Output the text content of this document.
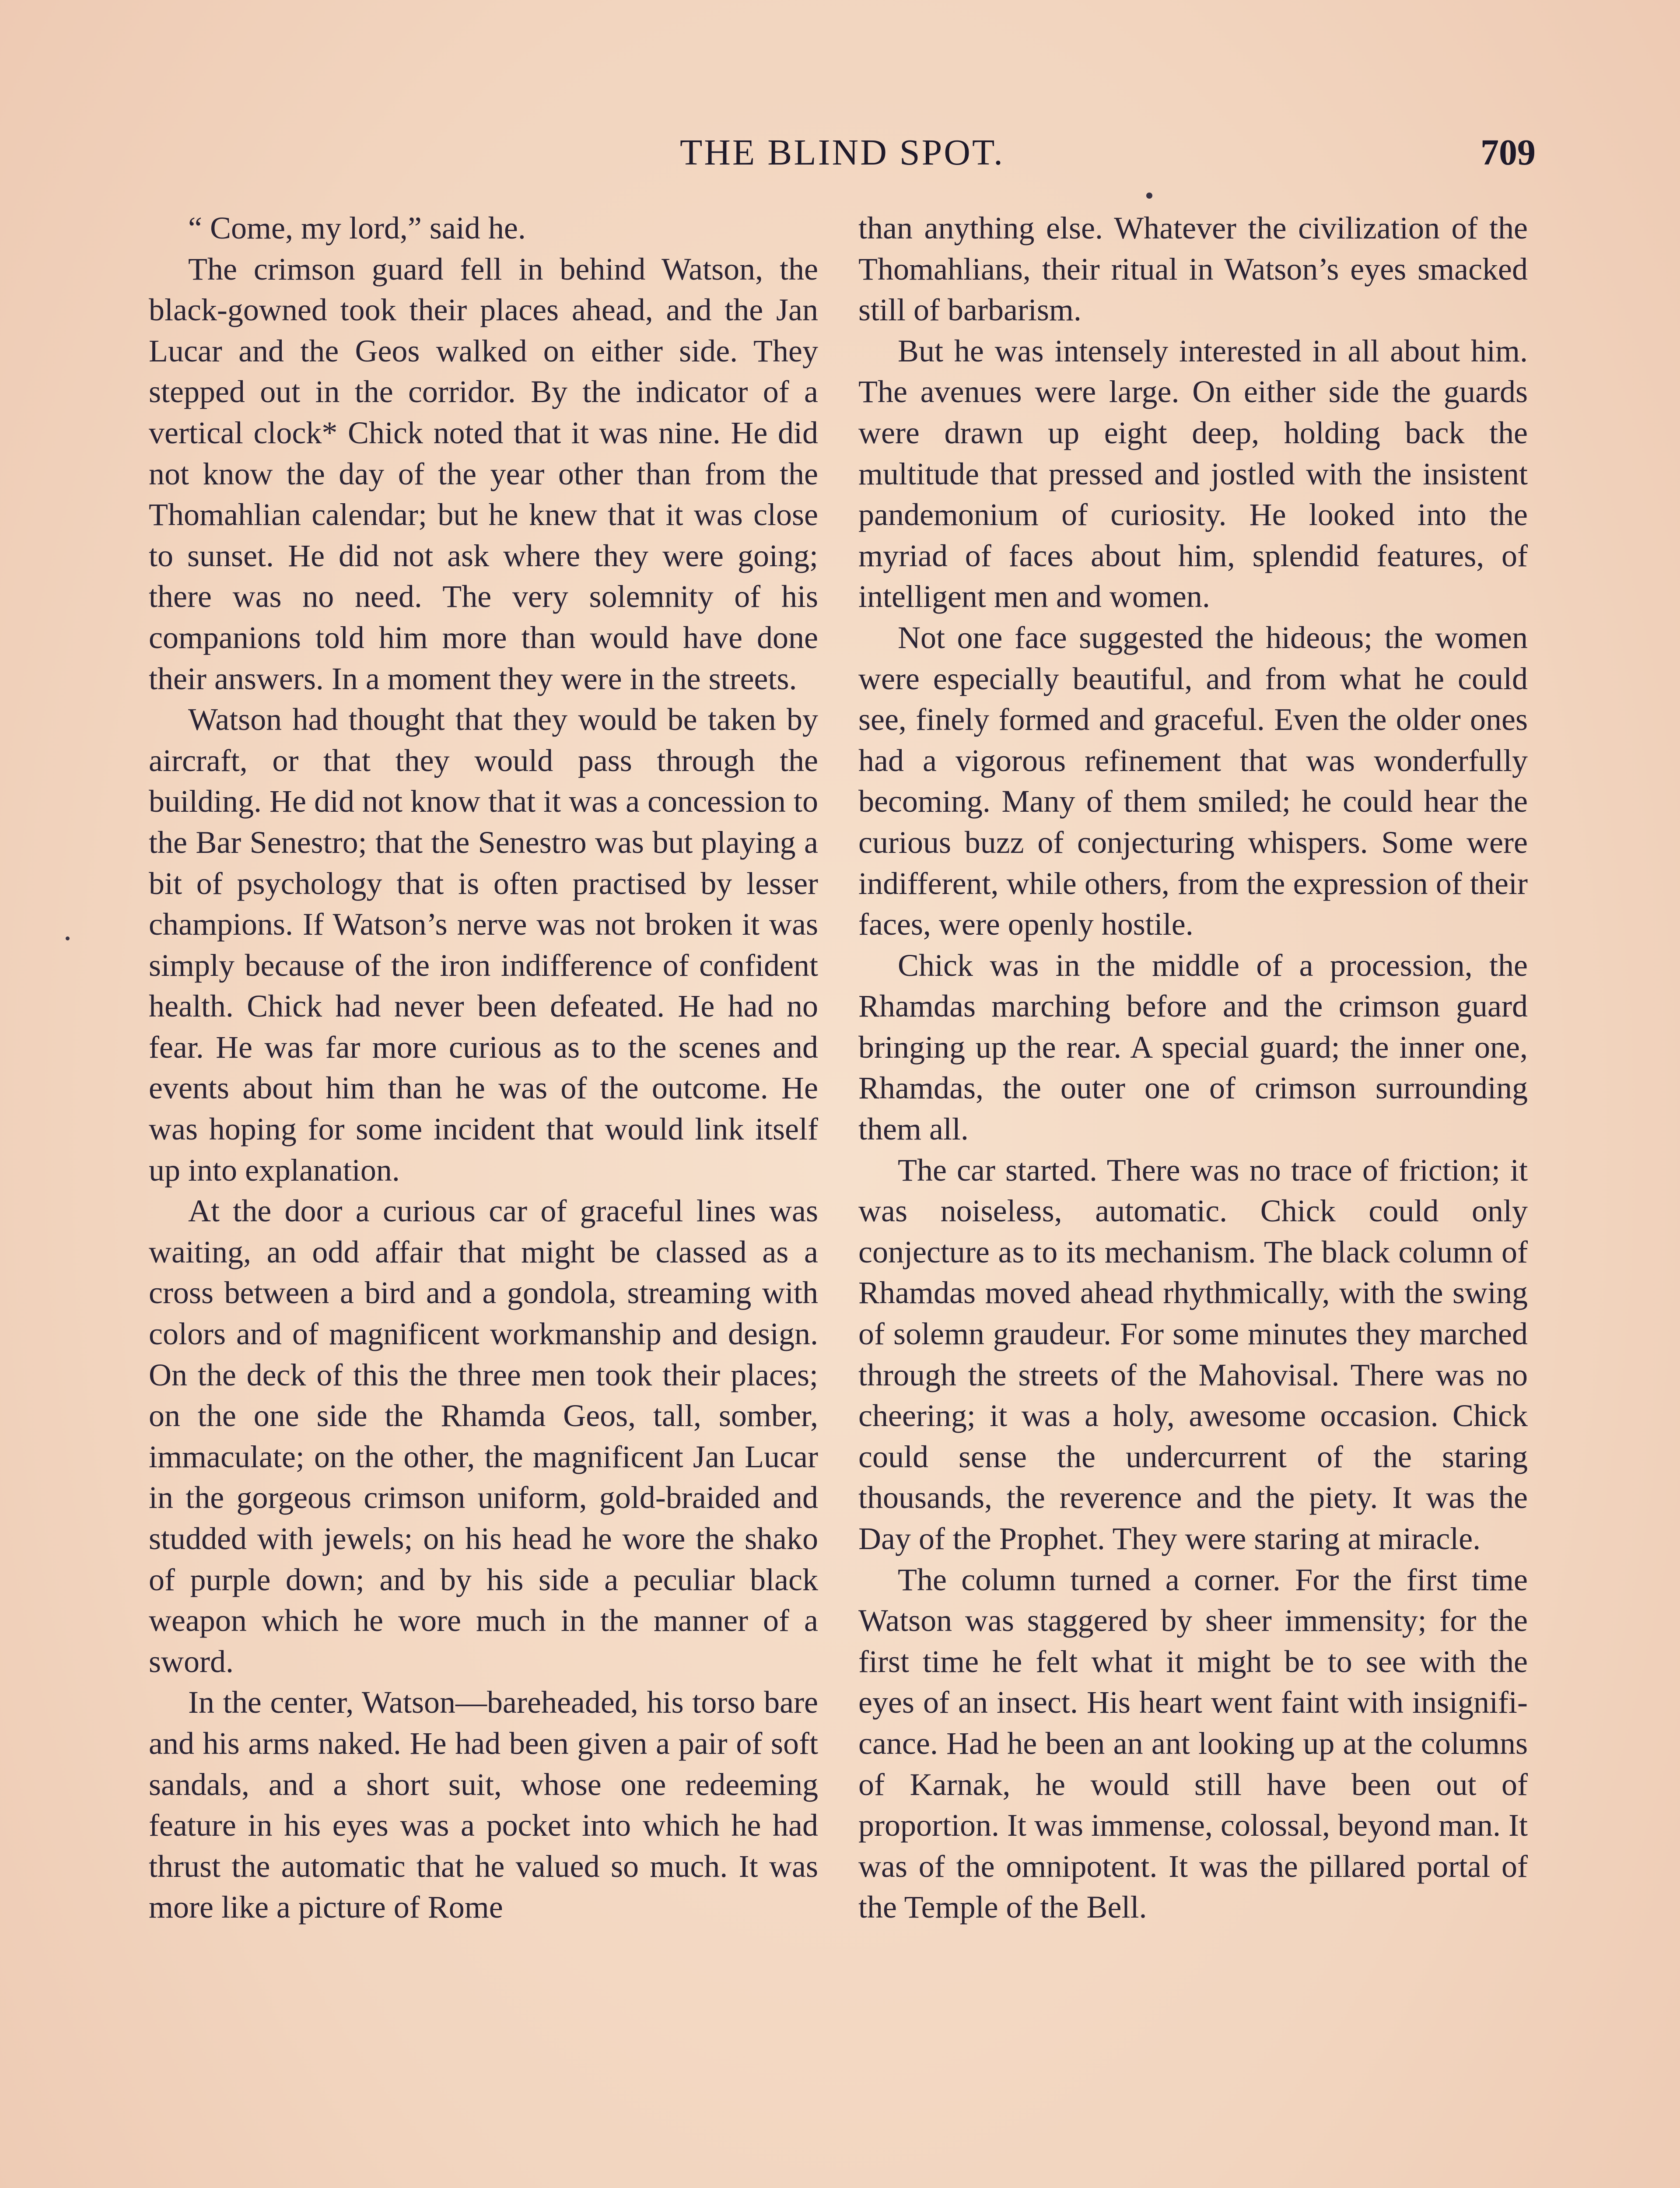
THE BLIND SPOT.	709

“ Come, my lord,” said he.

The crimson guard fell in behind Watson, the black-gowned took their places ahead, and the Jan Lucar and the Geos walked on either side. They stepped out in the corridor. By the indicator of a vertical clock* Chick noted that it was nine. He did not know the day of the year other than from the Thomahlian calendar; but he knew that it was close to sunset. He did not ask where they were going; there was no need. The very solemnity of his companions told him more than would have done their answers. In a moment they were in the streets.

Watson had thought that they would be taken by aircraft, or that they would pass through the building. He did not know that it was a concession to the Bar Senestro; that the Senestro was but playing a bit of psychology that is often practised by lesser champions. If Watson’s nerve was not broken it was simply because of the iron indifference of confident health. Chick had never been defeated. He had no fear. He was far more curious as to the scenes and events about him than he was of the outcome. He was hoping for some incident that would link itself up into explanation.

At the door a curious car of graceful lines was waiting, an odd affair that might be classed as a cross between a bird and a gondola, streaming with colors and of magnificent workmanship and design. On the deck of this the three men took their places; on the one side the Rhamda Geos, tall, somber, immaculate; on the other, the magnificent Jan Lucar in the gorgeous crimson uniform, gold-braided and studded with jewels; on his head he wore the shako of purple down; and by his side a peculiar black weapon which he wore much in the manner of a sword.

In the center, Watson—bareheaded, his torso bare and his arms naked. He had been given a pair of soft sandals, and a short suit, whose one redeeming feature in his eyes was a pocket into which he had thrust the automatic that he valued so much. It was more like a picture of Rome

than anything else. Whatever the civilization of the Thomahlians, their ritual in Watson’s eyes smacked still of barbarism.

But he was intensely interested in all about him. The avenues were large. On either side the guards were drawn up eight deep, holding back the multitude that pressed and jostled with the insistent pandemonium of curiosity. He looked into the myriad of faces about him, splendid features, of intelligent men and women.

Not one face suggested the hideous; the women were especially beautiful, and from what he could see, finely formed and graceful. Even the older ones had a vigorous refinement that was wonderfully becoming. Many of them smiled; he could hear the curious buzz of conjecturing whispers. Some were indifferent, while others, from the expression of their faces, were openly hostile.

Chick was in the middle of a procession, the Rhamdas marching before and the crimson guard bringing up the rear. A special guard; the inner one, Rhamdas, the outer one of crimson surrounding them all.

The car started. There was no trace of friction; it was noiseless, automatic. Chick could only conjecture as to its mechanism. The black column of Rhamdas moved ahead rhythmically, with the swing of solemn graudeur. For some minutes they marched through the streets of the Mahovisal. There was no cheering; it was a holy, awesome occasion. Chick could sense the undercurrent of the staring thousands, the reverence and the piety. It was the Day of the Prophet. They were staring at miracle.

The column turned a corner. For the first time Watson was staggered by sheer immensity; for the first time he felt what it might be to see with the eyes of an insect. His heart went faint with insignificance. Had he been an ant looking up at the columns of Karnak, he would still have been out of proportion. It was immense, colossal, beyond man. It was of the omnipotent. It was the pillared portal of the Temple of the Bell.
